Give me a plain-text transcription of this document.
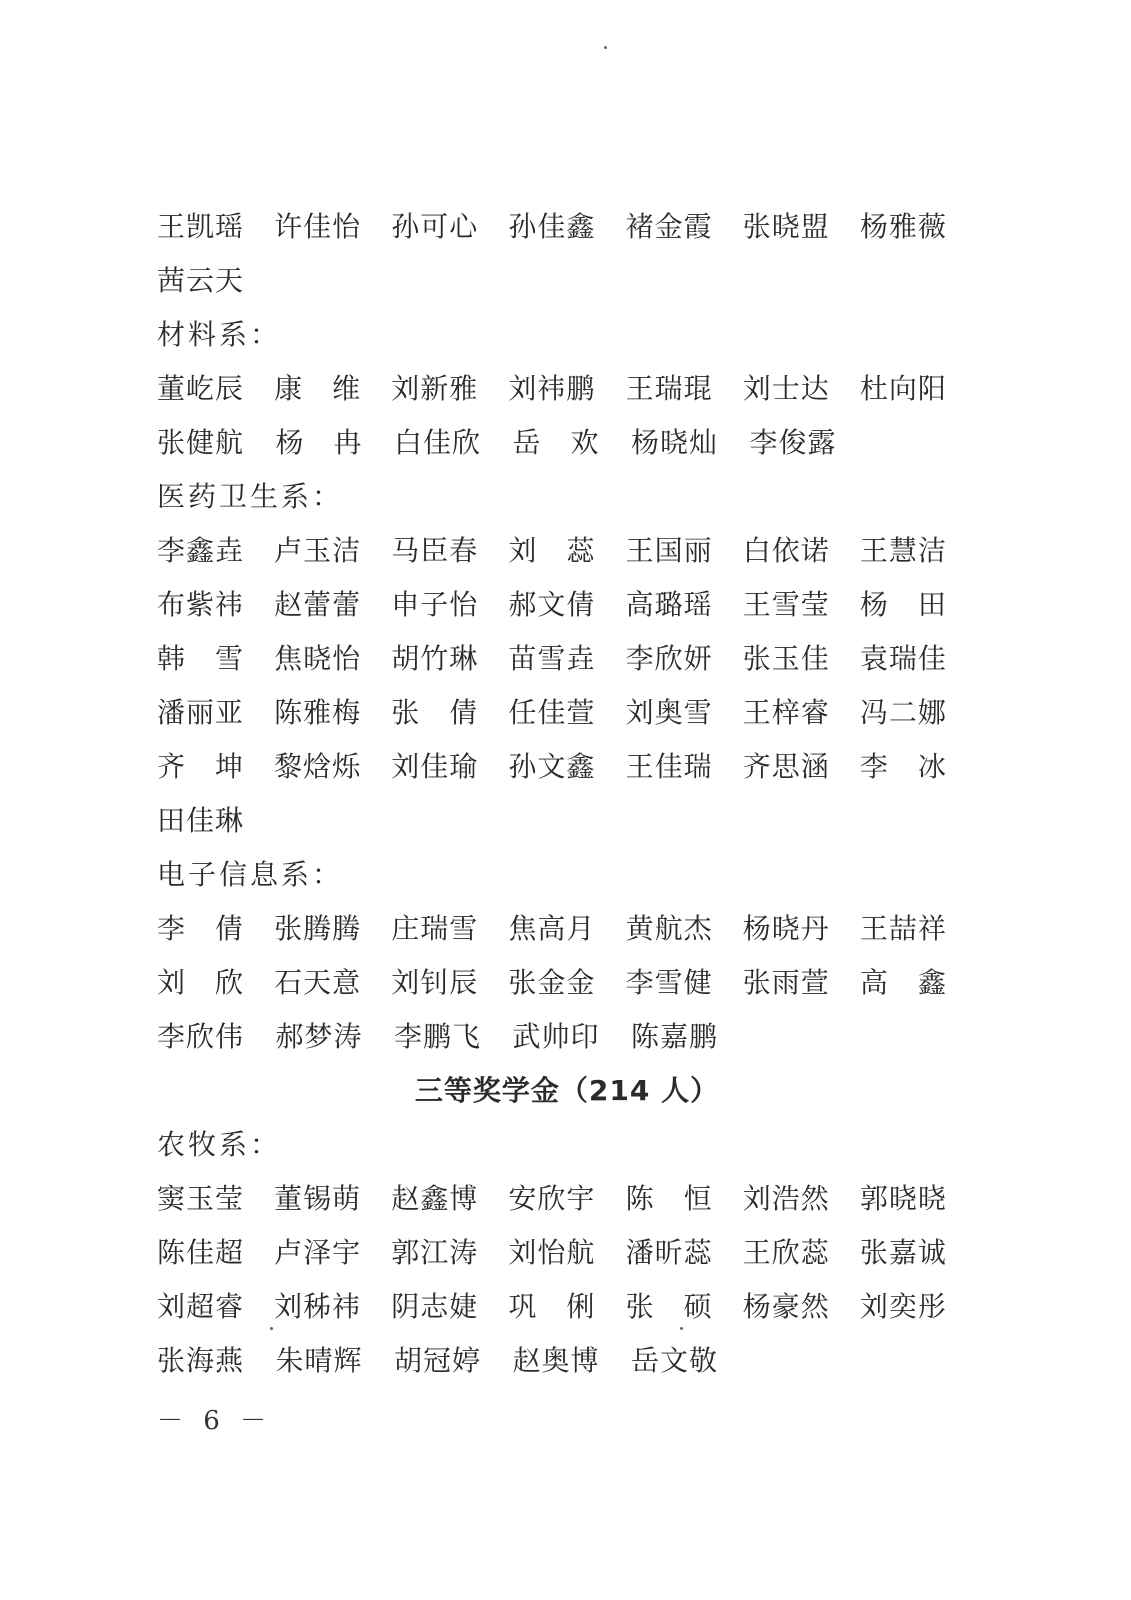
王凯瑶	许佳怡	孙可心	孙佳鑫	褚金霞	张晓盟	杨雅薇
茜云天
材料系：
董屹辰	康　维	刘新雅	刘祎鹏	王瑞琨	刘士达	杜向阳
张健航	杨　冉	白佳欣	岳　欢	杨晓灿	李俊露
医药卫生系：
李鑫垚	卢玉洁	马臣春	刘　蕊	王国丽	白依诺	王慧洁
布紫祎	赵蕾蕾	申子怡	郝文倩	高璐瑶	王雪莹	杨　田
韩　雪	焦晓怡	胡竹琳	苗雪垚	李欣妍	张玉佳	袁瑞佳
潘丽亚	陈雅梅	张　倩	任佳萱	刘奥雪	王梓睿	冯二娜
齐　坤	黎焓烁	刘佳瑜	孙文鑫	王佳瑞	齐思涵	李　冰
田佳琳
电子信息系：
李　倩	张腾腾	庄瑞雪	焦高月	黄航杰	杨晓丹	王喆祥
刘　欣	石天意	刘钊辰	张金金	李雪健	张雨萱	高　鑫
李欣伟	郝梦涛	李鹏飞	武帅印	陈嘉鹏
三等奖学金（214 人）
农牧系：
窦玉莹	董锡萌	赵鑫博	安欣宇	陈　恒	刘浩然	郭晓晓
陈佳超	卢泽宇	郭江涛	刘怡航	潘昕蕊	王欣蕊	张嘉诚
刘超睿	刘秭祎	阴志婕	巩　俐	张　硕	杨豪然	刘奕彤
张海燕	朱晴辉	胡冠婷	赵奥博	岳文敬
－ 6 －
